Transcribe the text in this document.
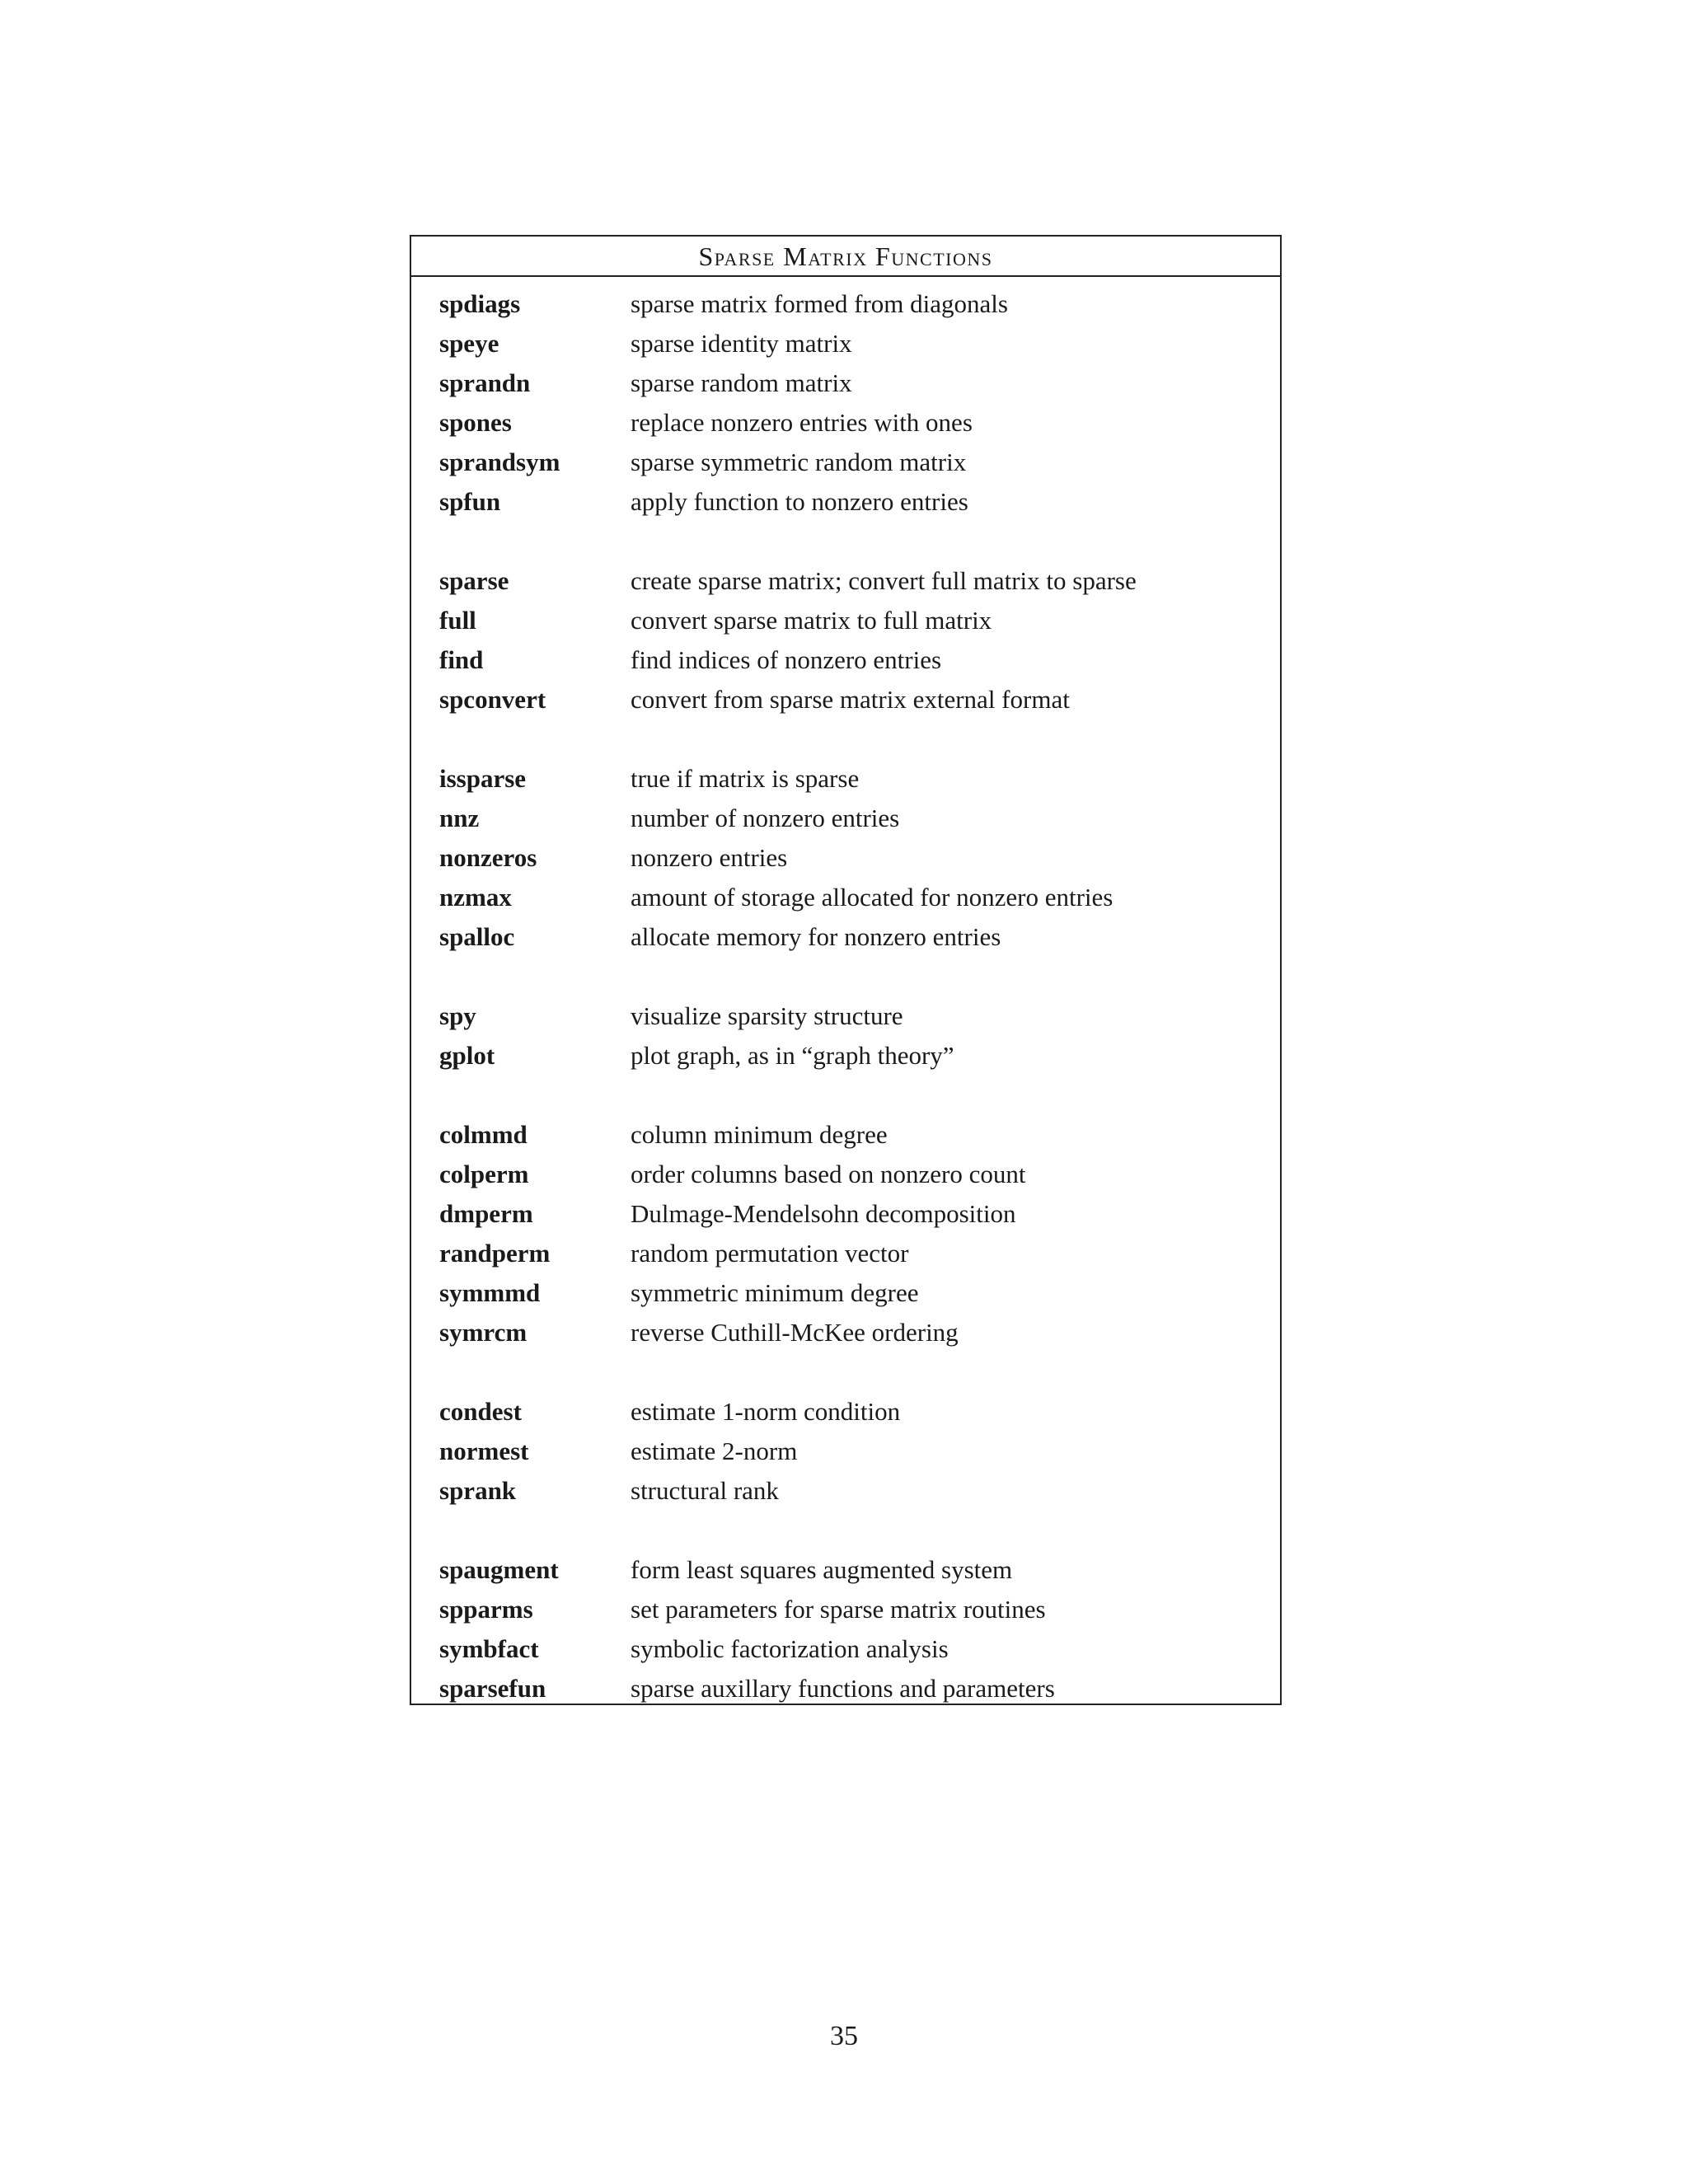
Sparse Matrix Functions
spdiags	sparse matrix formed from diagonals
speye	sparse identity matrix
sprandn	sparse random matrix
spones	replace nonzero entries with ones
sprandsym	sparse symmetric random matrix
spfun	apply function to nonzero entries
sparse	create sparse matrix; convert full matrix to sparse
full	convert sparse matrix to full matrix
find	find indices of nonzero entries
spconvert	convert from sparse matrix external format
issparse	true if matrix is sparse
nnz	number of nonzero entries
nonzeros	nonzero entries
nzmax	amount of storage allocated for nonzero entries
spalloc	allocate memory for nonzero entries
spy	visualize sparsity structure
gplot	plot graph, as in “graph theory”
colmmd	column minimum degree
colperm	order columns based on nonzero count
dmperm	Dulmage-Mendelsohn decomposition
randperm	random permutation vector
symmmd	symmetric minimum degree
symrcm	reverse Cuthill-McKee ordering
condest	estimate 1-norm condition
normest	estimate 2-norm
sprank	structural rank
spaugment	form least squares augmented system
spparms	set parameters for sparse matrix routines
symbfact	symbolic factorization analysis
sparsefun	sparse auxillary functions and parameters
35
